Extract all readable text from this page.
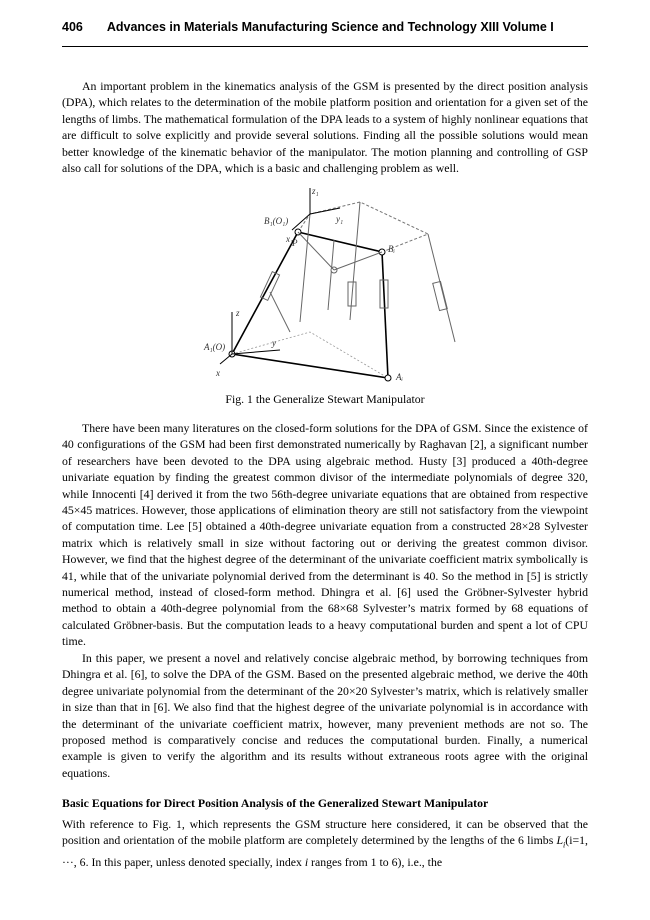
406 Advances in Materials Manufacturing Science and Technology XIII Volume I

An important problem in the kinematics analysis of the GSM is presented by the direct position analysis (DPA), which relates to the determination of the mobile platform position and orientation for a given set of the lengths of limbs. The mathematical formulation of the DPA leads to a system of highly nonlinear equations that are difficult to solve explicitly and provide several solutions. Finding all the possible solutions would mean better knowledge of the kinematic behavior of the manipulator. The motion planning and controlling of GSP also call for solutions of the DPA, which is a basic and challenging problem as well.

z₁
y₁
x₁
B₁(O₁)
P
Bᵢ
z
y
x
A₁(O)
Aᵢ
Fig. 1 the Generalize Stewart Manipulator

There have been many literatures on the closed-form solutions for the DPA of GSM. Since the existence of 40 configurations of the GSM had been first demonstrated numerically by Raghavan [2], a significant number of researchers have been devoted to the DPA using algebraic method. Husty [3] produced a 40th-degree univariate equation by finding the greatest common divisor of the intermediate polynomials of degree 320, while Innocenti [4] derived it from the two 56th-degree univariate equations that are obtained from respective 45×45 matrices. However, those applications of elimination theory are still not satisfactory from the viewpoint of computation time. Lee [5] obtained a 40th-degree univariate equation from a constructed 28×28 Sylvester matrix which is relatively small in size without factoring out or deriving the greatest common divisor. However, we find that the highest degree of the determinant of the univariate coefficient matrix symbolically is 41, while that of the univariate polynomial derived from the determinant is 40. So the method in [5] is strictly numerical method, instead of closed-form method. Dhingra et al. [6] used the Gröbner-Sylvester hybrid method to obtain a 40th-degree polynomial from the 68×68 Sylvester’s matrix formed by 68 equations of calculated Gröbner-basis. But the computation leads to a heavy computational burden and spent a lot of CPU time.

In this paper, we present a novel and relatively concise algebraic method, by borrowing techniques from Dhingra et al. [6], to solve the DPA of the GSM. Based on the presented algebraic method, we derive the 40th degree univariate polynomial from the determinant of the 20×20 Sylvester’s matrix, which is relatively smaller in size than that in [6]. We also find that the highest degree of the univariate polynomial is in accordance with the determinant of the univariate coefficient matrix, however, many prevenient methods are not so. The proposed method is comparatively concise and reduces the computational burden. Finally, a numerical example is given to verify the algorithm and its results without extraneous roots agree with the original equations.

Basic Equations for Direct Position Analysis of the Generalized Stewart Manipulator

With reference to Fig. 1, which represents the GSM structure here considered, it can be observed that the position and orientation of the mobile platform are completely determined by the lengths of the 6 limbs $L_i(i=1$, ···, 6. In this paper, unless denoted specially, index i ranges from 1 to 6), i.e., the
